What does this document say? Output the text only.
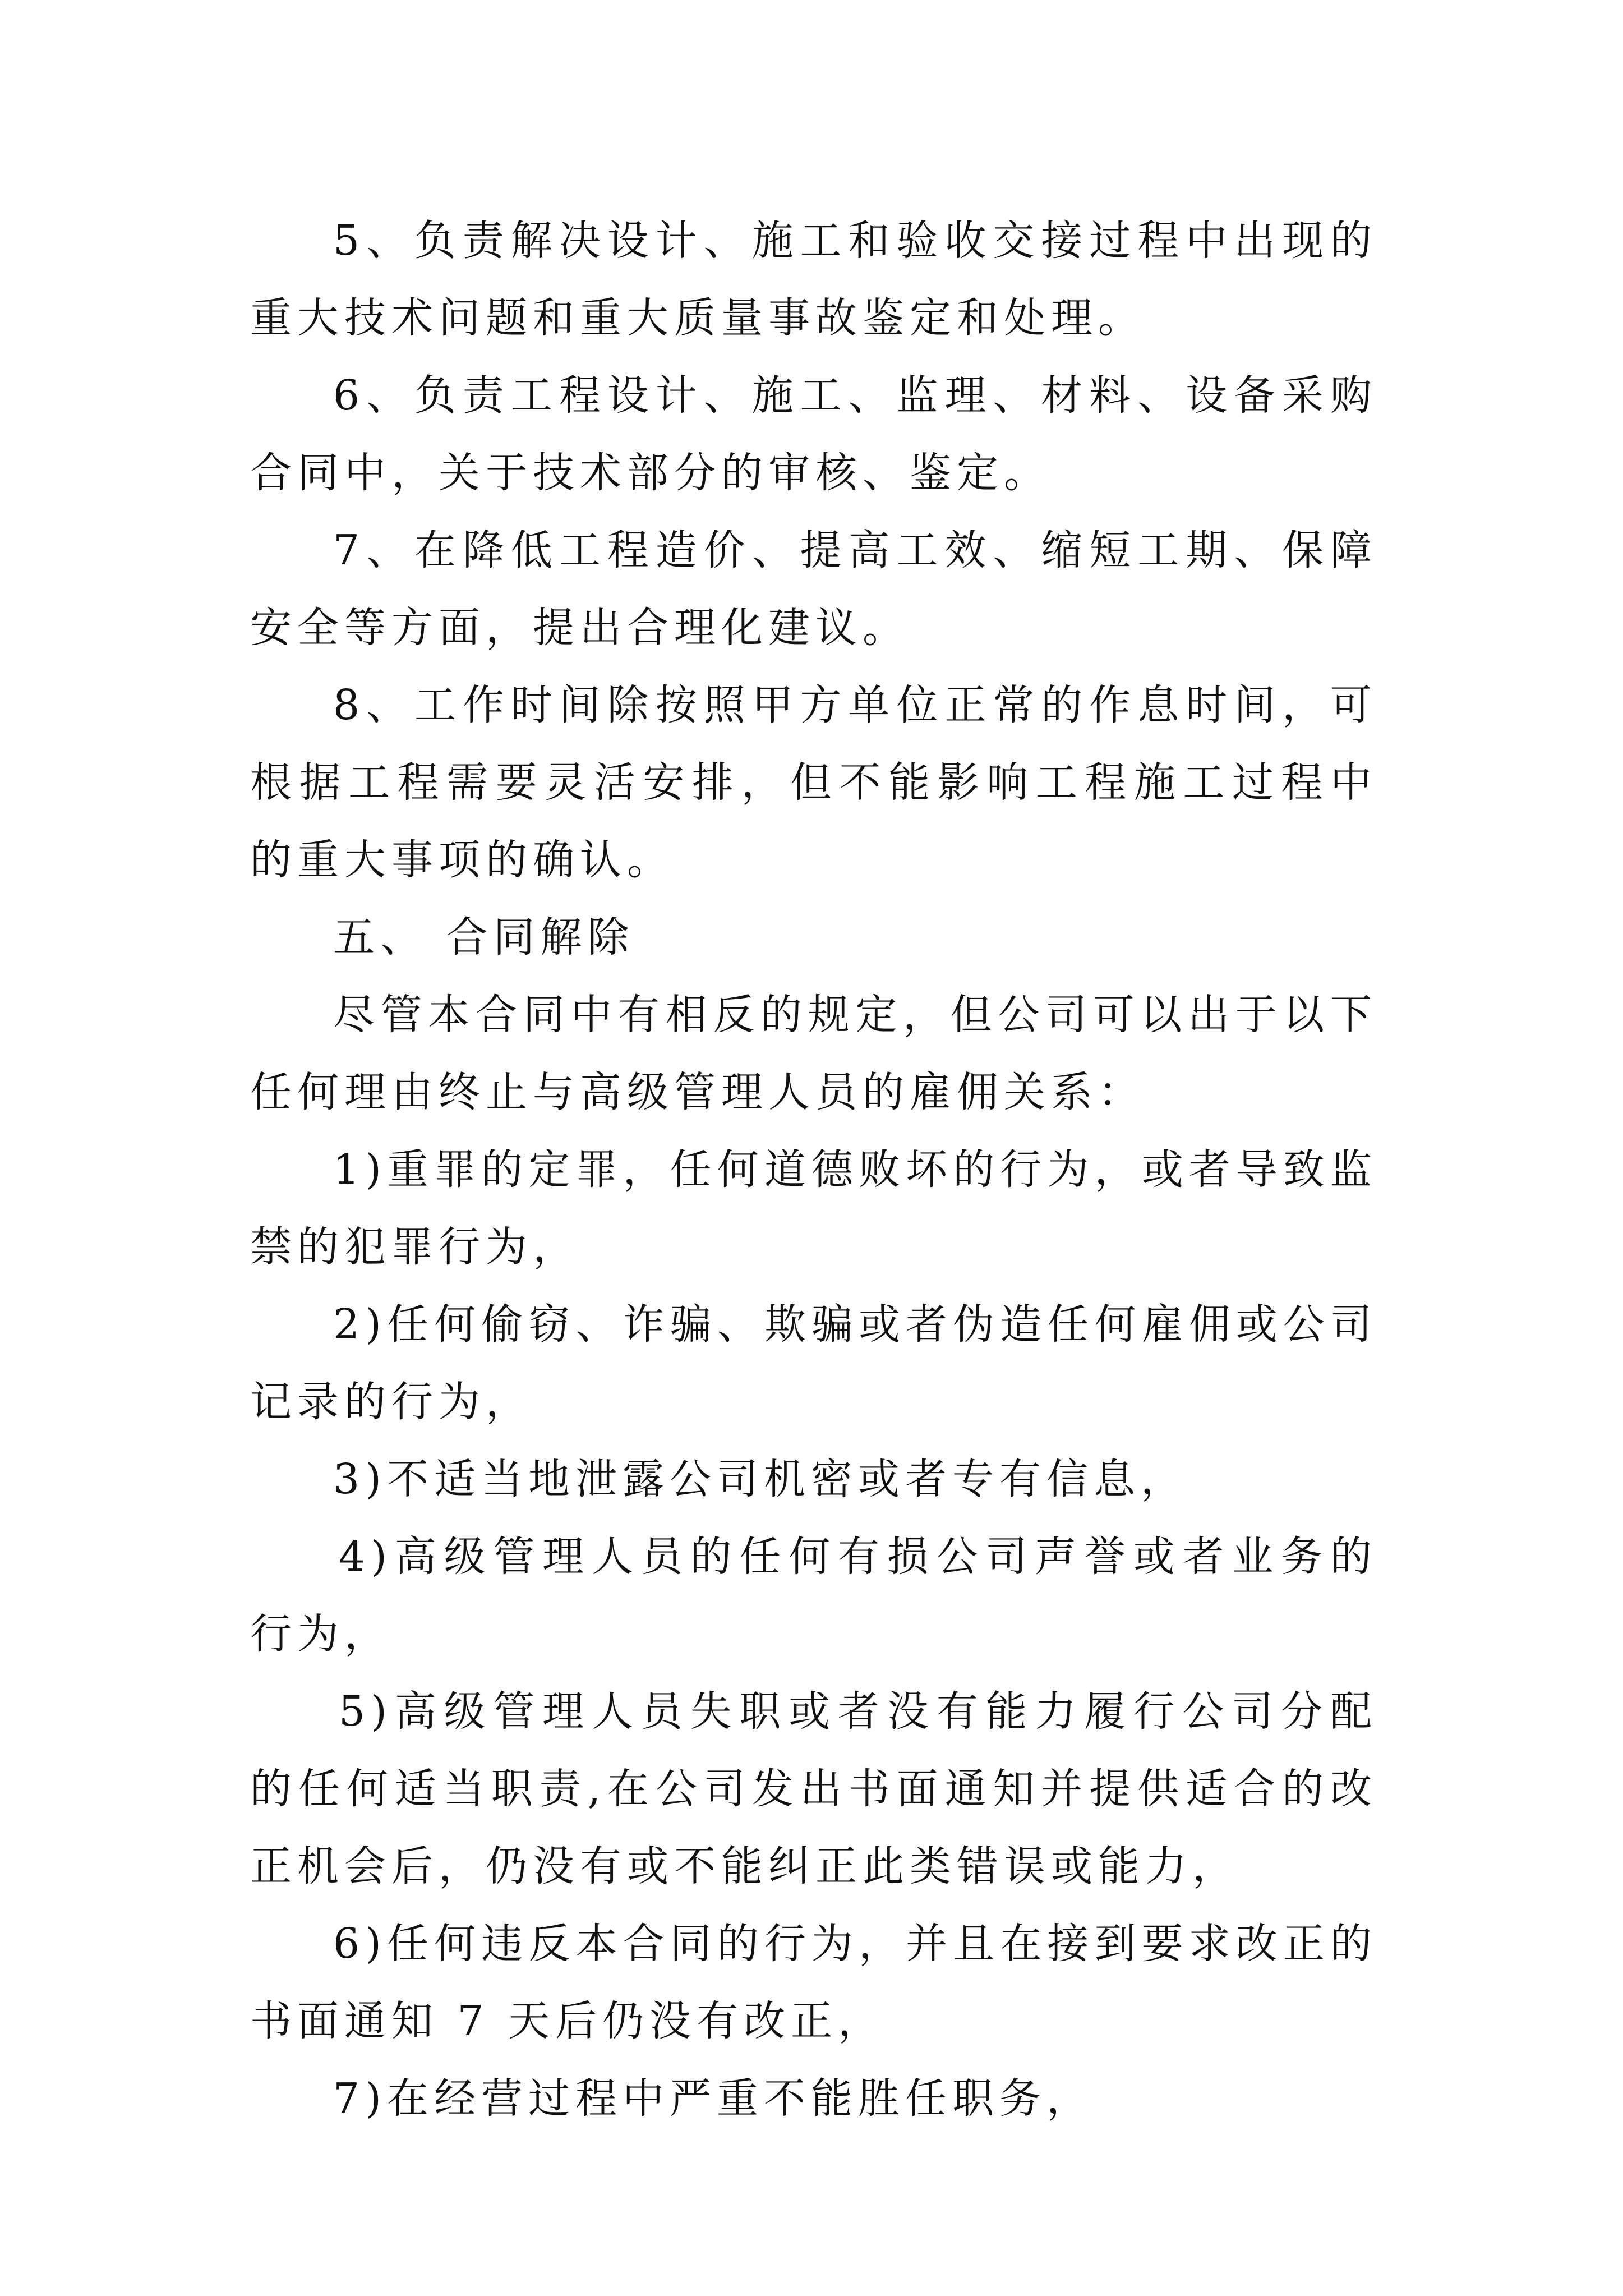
5、负责解决设计、施工和验收交接过程中出现的重大技术问题和重大质量事故鉴定和处理。

6、负责工程设计、施工、监理、材料、设备采购合同中，关于技术部分的审核、鉴定。

7、在降低工程造价、提高工效、缩短工期、保障安全等方面，提出合理化建议。

8、工作时间除按照甲方单位正常的作息时间，可根据工程需要灵活安排，但不能影响工程施工过程中的重大事项的确认。

五、 合同解除

尽管本合同中有相反的规定，但公司可以出于以下任何理由终止与高级管理人员的雇佣关系：

1)重罪的定罪，任何道德败坏的行为，或者导致监禁的犯罪行为，

2)任何偷窃、诈骗、欺骗或者伪造任何雇佣或公司记录的行为，

3)不适当地泄露公司机密或者专有信息，

4)高级管理人员的任何有损公司声誉或者业务的行为，

5)高级管理人员失职或者没有能力履行公司分配的任何适当职责,在公司发出书面通知并提供适合的改正机会后，仍没有或不能纠正此类错误或能力，

6)任何违反本合同的行为，并且在接到要求改正的书面通知 7 天后仍没有改正，

7)在经营过程中严重不能胜任职务，
